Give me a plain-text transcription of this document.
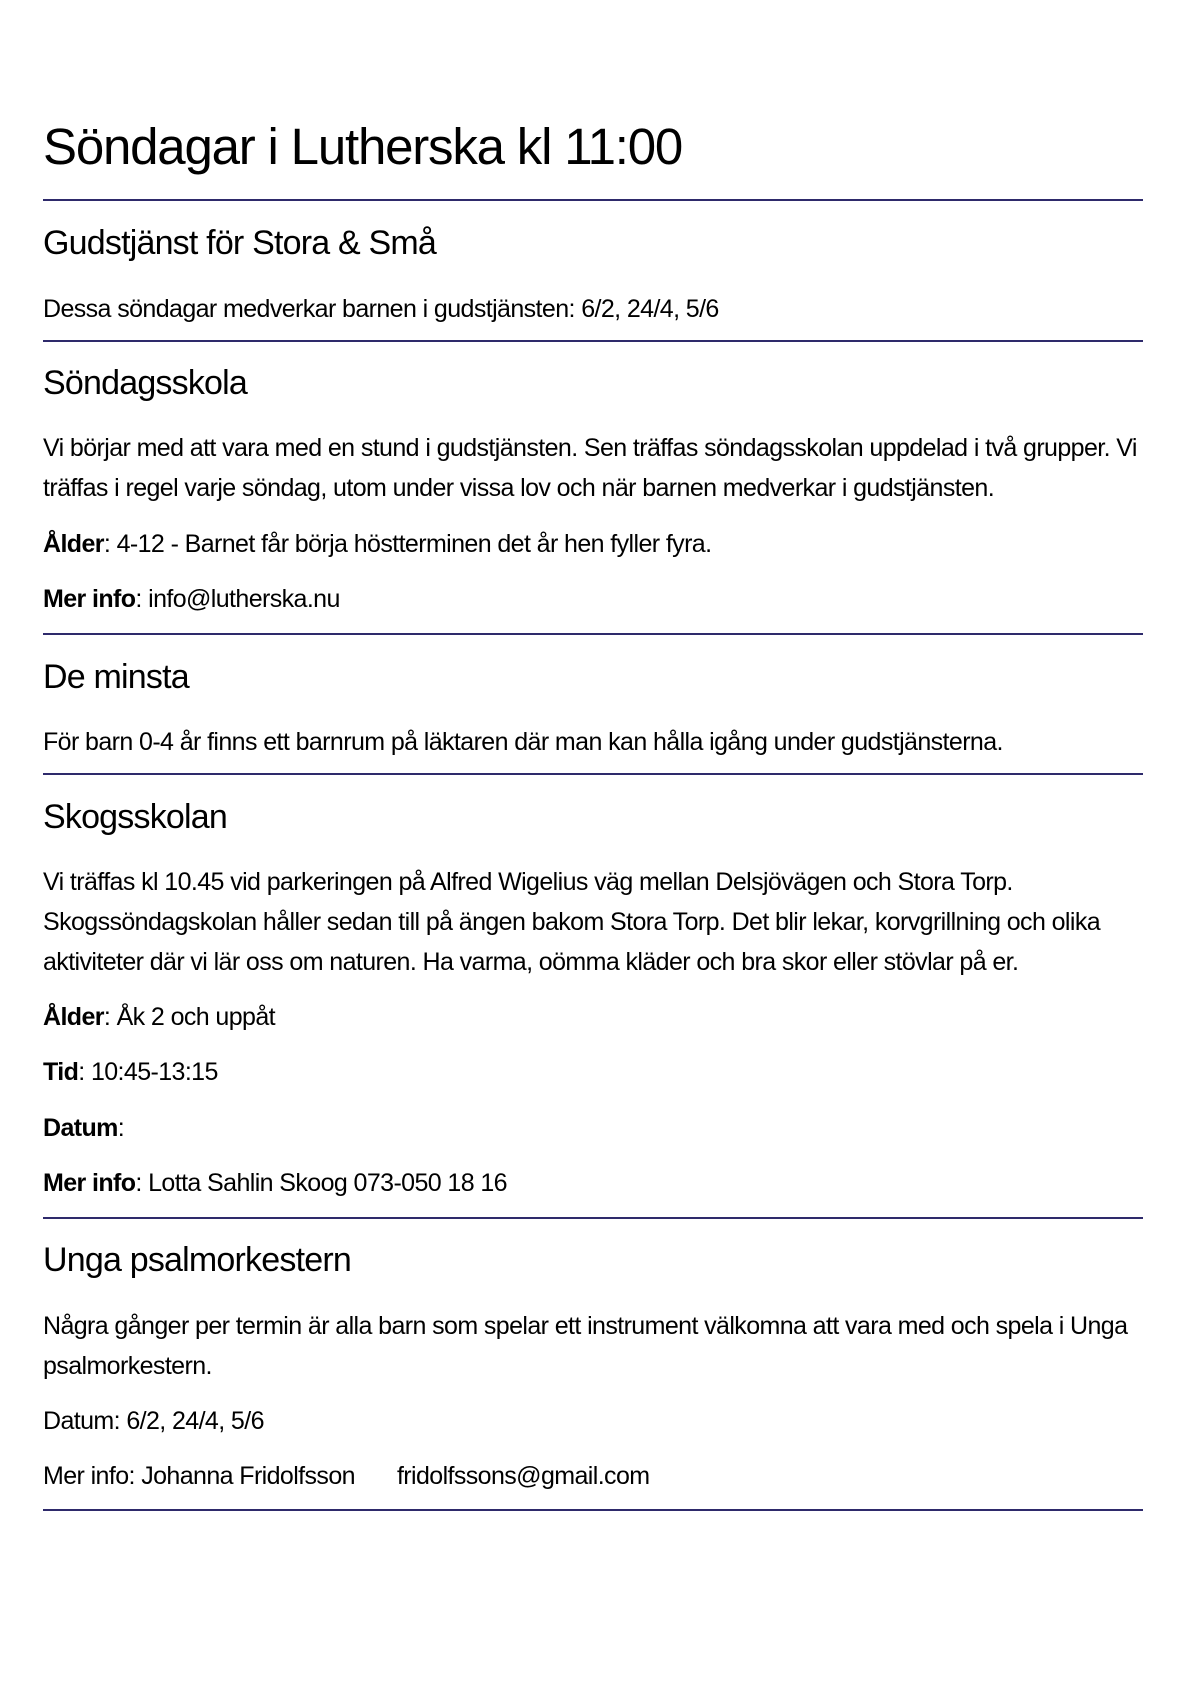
Söndagar i Lutherska kl 11:00
Gudstjänst för Stora & Små
Dessa söndagar medverkar barnen i gudstjänsten: 6/2, 24/4, 5/6
Söndagsskola
Vi börjar med att vara med en stund i gudstjänsten. Sen träffas söndagsskolan uppdelad i två grupper. Vi
träffas i regel varje söndag, utom under vissa lov och när barnen medverkar i gudstjänsten.
Ålder: 4-12 - Barnet får börja höstterminen det år hen fyller fyra.
Mer info: info@lutherska.nu
De minsta
För barn 0-4 år finns ett barnrum på läktaren där man kan hålla igång under gudstjänsterna.
Skogsskolan
Vi träffas kl 10.45 vid parkeringen på Alfred Wigelius väg mellan Delsjövägen och Stora Torp.
Skogssöndagskolan håller sedan till på ängen bakom Stora Torp. Det blir lekar, korvgrillning och olika
aktiviteter där vi lär oss om naturen. Ha varma, oömma kläder och bra skor eller stövlar på er.
Ålder: Åk 2 och uppåt
Tid: 10:45-13:15
Datum:
Mer info: Lotta Sahlin Skoog 073-050 18 16
Unga psalmorkestern
Några gånger per termin är alla barn som spelar ett instrument välkomna att vara med och spela i Unga
psalmorkestern.
Datum: 6/2, 24/4, 5/6
Mer info: Johanna Fridolfsson fridolfssons@gmail.com
